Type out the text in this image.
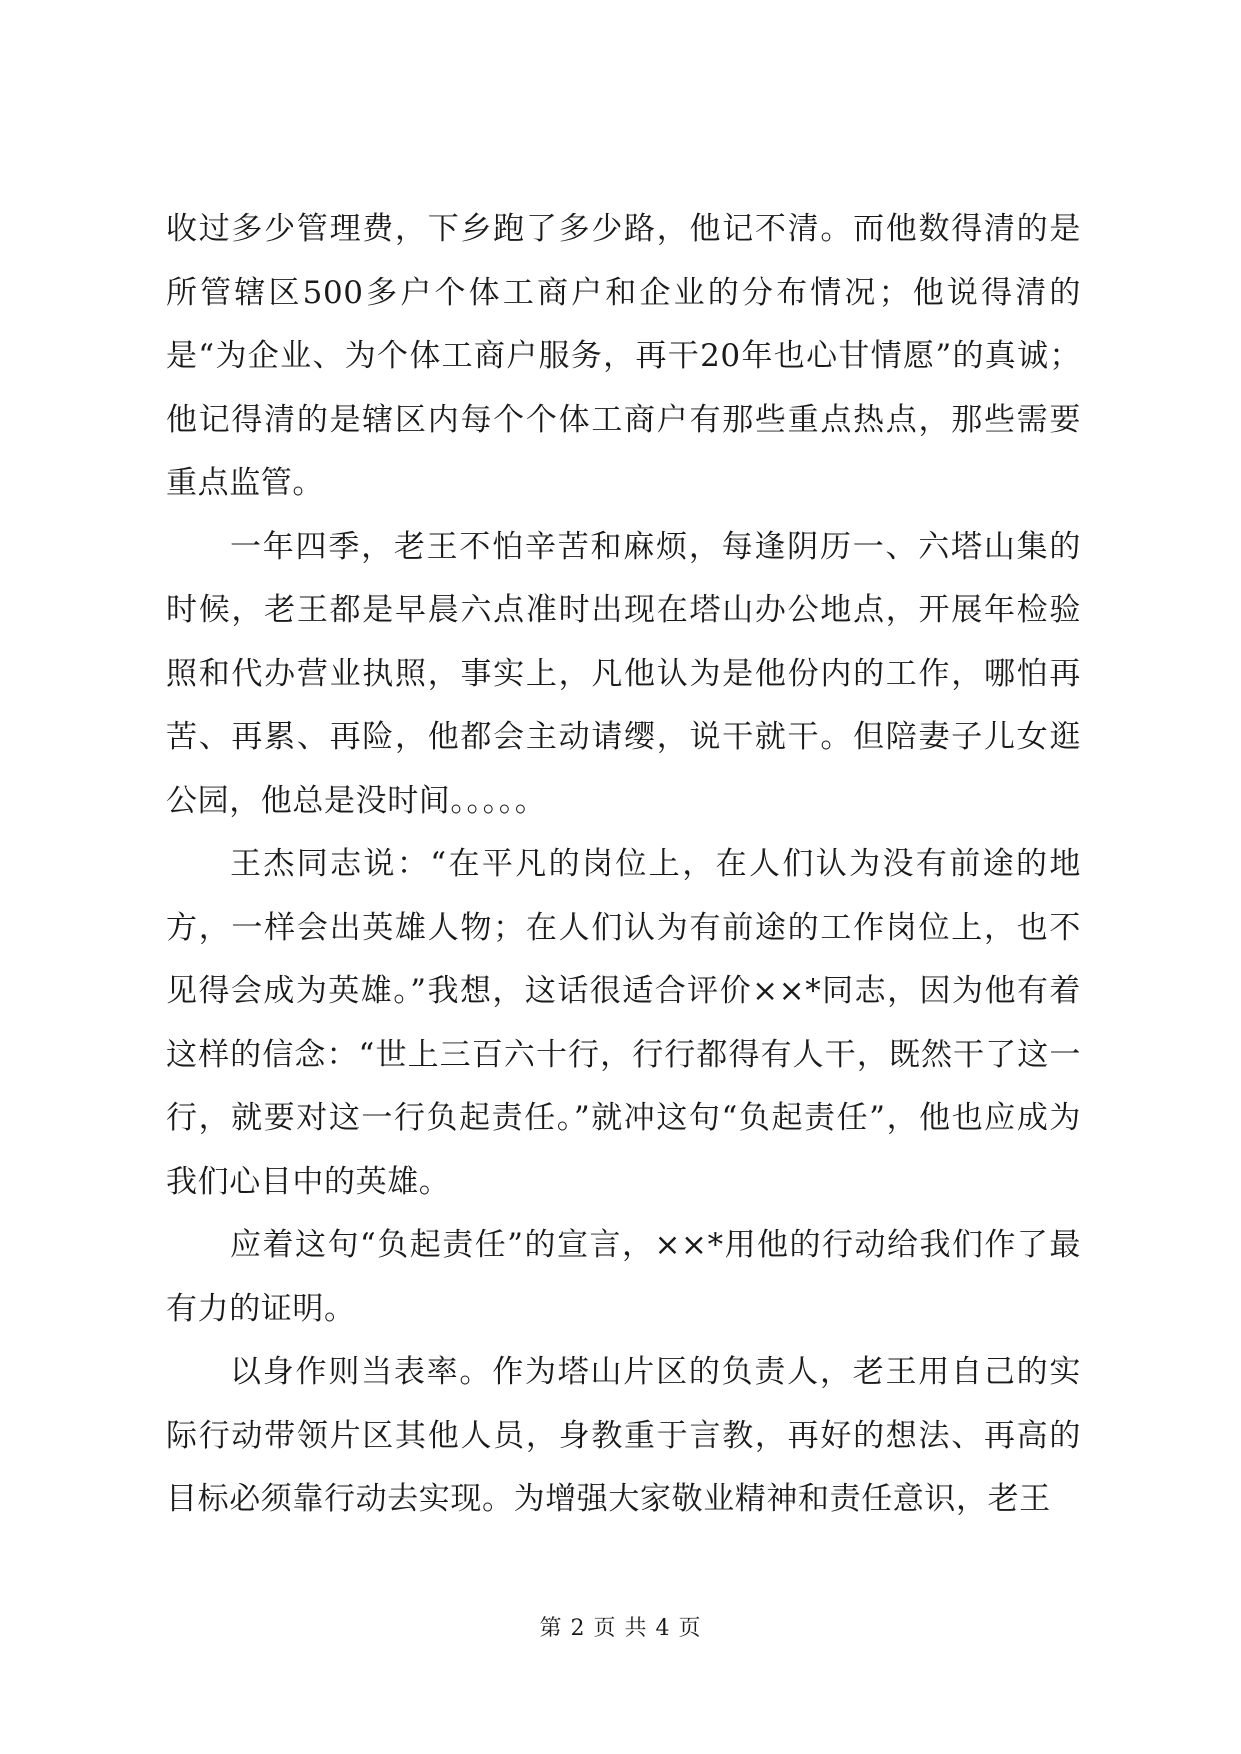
收过多少管理费，下乡跑了多少路，他记不清。而他数得清的是所管辖区500多户个体工商户和企业的分布情况；他说得清的是“为企业、为个体工商户服务，再干20年也心甘情愿”的真诚；他记得清的是辖区内每个个体工商户有那些重点热点，那些需要重点监管。

一年四季，老王不怕辛苦和麻烦，每逢阴历一、六塔山集的时候，老王都是早晨六点准时出现在塔山办公地点，开展年检验照和代办营业执照，事实上，凡他认为是他份内的工作，哪怕再苦、再累、再险，他都会主动请缨，说干就干。但陪妻子儿女逛公园，他总是没时间。。。。。

王杰同志说：“在平凡的岗位上，在人们认为没有前途的地方，一样会出英雄人物；在人们认为有前途的工作岗位上，也不见得会成为英雄。”我想，这话很适合评价××*同志，因为他有着这样的信念：“世上三百六十行，行行都得有人干，既然干了这一行，就要对这一行负起责任。”就冲这句“负起责任”，他也应成为我们心目中的英雄。

应着这句“负起责任”的宣言，××*用他的行动给我们作了最有力的证明。

以身作则当表率。作为塔山片区的负责人，老王用自己的实际行动带领片区其他人员，身教重于言教，再好的想法、再高的目标必须靠行动去实现。为增强大家敬业精神和责任意识，老王

第 2 页 共 4 页
